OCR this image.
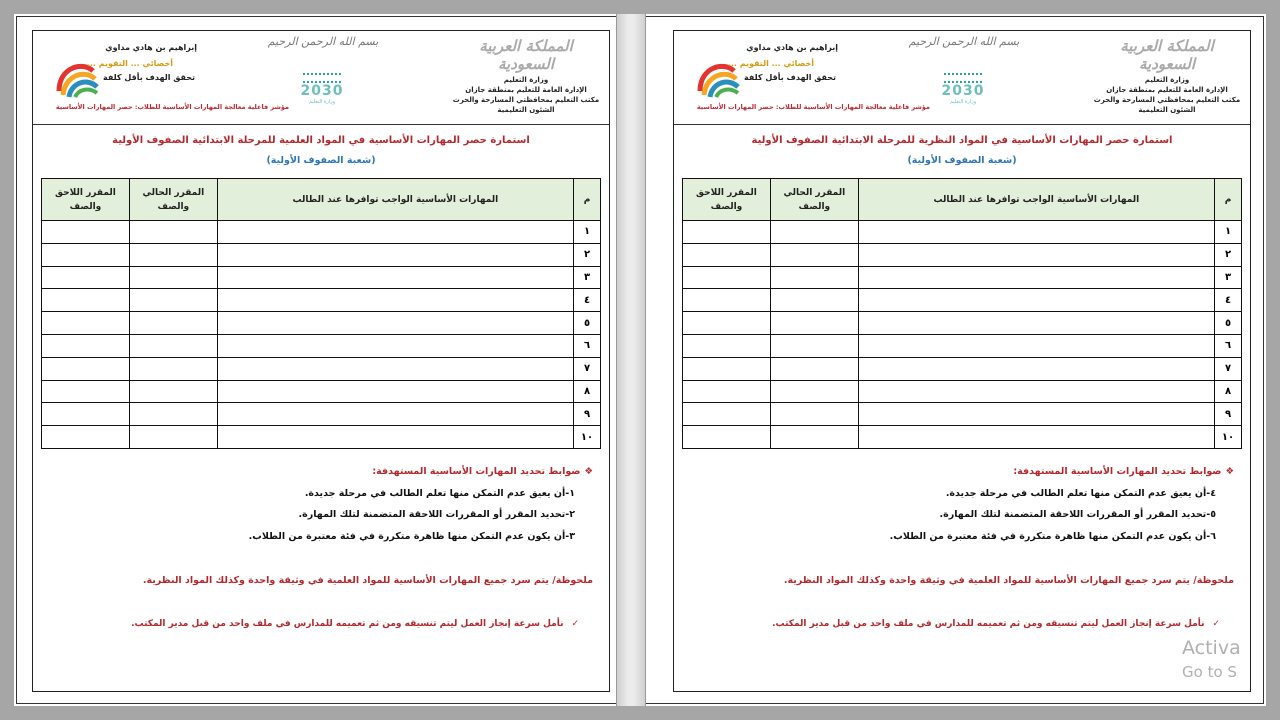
المملكة العربية السعودية
وزارة التعليم
الإدارة العامة للتعليم بمنطقة جازان
مكتب التعليم بمحافظتي المسارحة والحرث
الشئون التعليمية
بسم الله الرحمن الرحيم
2030
وزارة التعليم
إبراهيم بن هادي مداوي
أخصائي ... التقويم ...
تحقق الهدف بأقل كلفة
مؤشر فاعلية معالجة المهارات الأساسية للطلاب: حصر المهارات الأساسية
استمارة حصر المهارات الأساسية في المواد العلمية للمرحلة الابتدائية الصفوف الأولية
(شعبة الصفوف الأولية)
م	المهارات الأساسية الواجب توافرها عند الطالب	المقرر الحالي والصف	المقرر اللاحق والصف
١			
٢			
٣			
٤			
٥			
٦			
٧			
٨			
٩			
١٠			
❖ضوابط تحديد المهارات الأساسية المستهدفة:
١-أن يعيق عدم التمكن منها تعلم الطالب في مرحلة جديدة.
٢-تحديد المقرر أو المقررات اللاحقة المتضمنة لتلك المهارة.
٣-أن يكون عدم التمكن منها ظاهرة متكررة في فئة معتبرة من الطلاب.
ملحوظة/ يتم سرد جميع المهارات الأساسية للمواد العلمية في وثيقة واحدة وكذلك المواد النظرية.
✓نأمل سرعة إنجاز العمل ليتم تنسيقه ومن ثم تعميمه للمدارس في ملف واحد من قبل مدير المكتب.
المملكة العربية السعودية
وزارة التعليم
الإدارة العامة للتعليم بمنطقة جازان
مكتب التعليم بمحافظتي المسارحة والحرث
الشئون التعليمية
بسم الله الرحمن الرحيم
2030
وزارة التعليم
إبراهيم بن هادي مداوي
أخصائي ... التقويم ...
تحقق الهدف بأقل كلفة
مؤشر فاعلية معالجة المهارات الأساسية للطلاب: حصر المهارات الأساسية
استمارة حصر المهارات الأساسية في المواد النظرية للمرحلة الابتدائية الصفوف الأولية
(شعبة الصفوف الأولية)
م	المهارات الأساسية الواجب توافرها عند الطالب	المقرر الحالي والصف	المقرر اللاحق والصف
١			
٢			
٣			
٤			
٥			
٦			
٧			
٨			
٩			
١٠			
❖ضوابط تحديد المهارات الأساسية المستهدفة:
٤-أن يعيق عدم التمكن منها تعلم الطالب في مرحلة جديدة.
٥-تحديد المقرر أو المقررات اللاحقة المتضمنة لتلك المهارة.
٦-أن يكون عدم التمكن منها ظاهرة متكررة في فئة معتبرة من الطلاب.
ملحوظة/ يتم سرد جميع المهارات الأساسية للمواد العلمية في وثيقة واحدة وكذلك المواد النظرية.
✓نأمل سرعة إنجاز العمل ليتم تنسيقه ومن ثم تعميمه للمدارس في ملف واحد من قبل مدير المكتب.
Activa
Go to S
